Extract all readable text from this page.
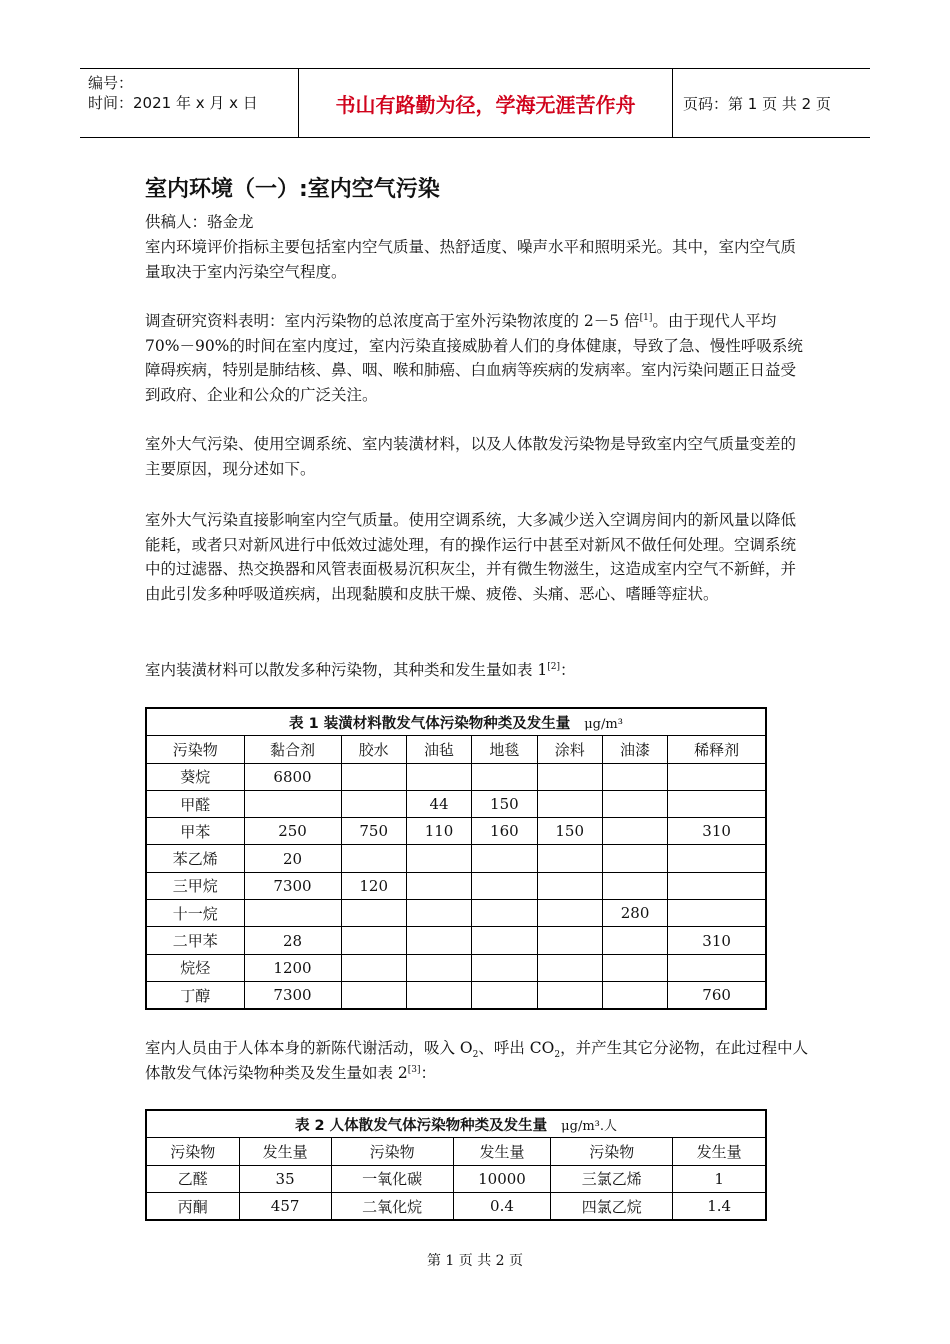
编号：
时间：2021 年 x 月 x 日	书山有路勤为径，学海无涯苦作舟	页码：第 1 页 共 2 页
室内环境（一）:室内空气污染
供稿人：骆金龙
室内环境评价指标主要包括室内空气质量、热舒适度、噪声水平和照明采光。其中，室内空气质量取决于室内污染空气程度。
调查研究资料表明：室内污染物的总浓度高于室外污染物浓度的 2－5 倍[1]。由于现代人平均 70%－90%的时间在室内度过，室内污染直接威胁着人们的身体健康，导致了急、慢性呼吸系统障碍疾病，特别是肺结核、鼻、咽、喉和肺癌、白血病等疾病的发病率。室内污染问题正日益受到政府、企业和公众的广泛关注。
室外大气污染、使用空调系统、室内装潢材料，以及人体散发污染物是导致室内空气质量变差的主要原因，现分述如下。
室外大气污染直接影响室内空气质量。使用空调系统，大多减少送入空调房间内的新风量以降低能耗，或者只对新风进行中低效过滤处理，有的操作运行中甚至对新风不做任何处理。空调系统中的过滤器、热交换器和风管表面极易沉积灰尘，并有微生物滋生，这造成室内空气不新鲜，并由此引发多种呼吸道疾病，出现黏膜和皮肤干燥、疲倦、头痛、恶心、嗜睡等症状。
室内装潢材料可以散发多种污染物，其种类和发生量如表 1[2]：
表 1 装潢材料散发气体污染物种类及发生量 μg/m³							
污染物	黏合剂	胶水	油毡	地毯	涂料	油漆	稀释剂
葵烷	6800						
甲醛			44	150			
甲苯	250	750	110	160	150		310
苯乙烯	20						
三甲烷	7300	120					
十一烷						280	
二甲苯	28						310
烷烃	1200						
丁醇	7300						760
室内人员由于人体本身的新陈代谢活动，吸入 $O_2$、呼出 $CO_2$，并产生其它分泌物，在此过程中人体散发气体污染物种类及发生量如表 2[3]：
表 2 人体散发气体污染物种类及发生量 μg/m³.人					
污染物	发生量	污染物	发生量	污染物	发生量
乙醛	35	一氧化碳	10000	三氯乙烯	1
丙酮	457	二氧化烷	0.4	四氯乙烷	1.4
第 1 页 共 2 页
